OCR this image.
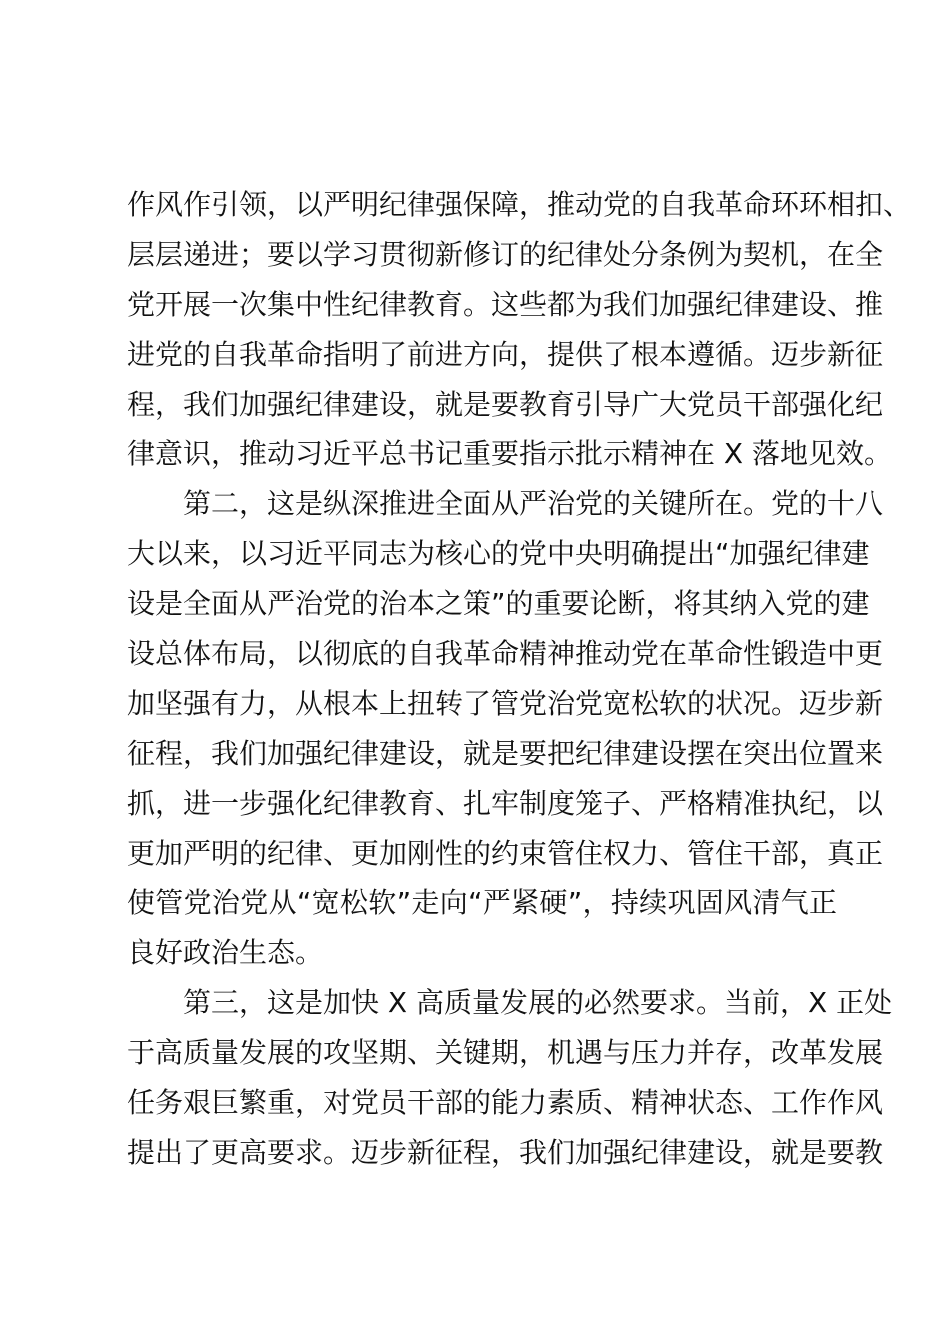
作风作引领，以严明纪律强保障，推动党的自我革命环环相扣、
层层递进；要以学习贯彻新修订的纪律处分条例为契机，在全
党开展一次集中性纪律教育。这些都为我们加强纪律建设、推
进党的自我革命指明了前进方向，提供了根本遵循。迈步新征
程，我们加强纪律建设，就是要教育引导广大党员干部强化纪
律意识，推动习近平总书记重要指示批示精神在 X 落地见效。
　　第二，这是纵深推进全面从严治党的关键所在。党的十八
大以来，以习近平同志为核心的党中央明确提出“加强纪律建
设是全面从严治党的治本之策”的重要论断，将其纳入党的建
设总体布局，以彻底的自我革命精神推动党在革命性锻造中更
加坚强有力，从根本上扭转了管党治党宽松软的状况。迈步新
征程，我们加强纪律建设，就是要把纪律建设摆在突出位置来
抓，进一步强化纪律教育、扎牢制度笼子、严格精准执纪，以
更加严明的纪律、更加刚性的约束管住权力、管住干部，真正
使管党治党从“宽松软”走向“严紧硬”，持续巩固风清气正
良好政治生态。
　　第三，这是加快 X 高质量发展的必然要求。当前，X 正处
于高质量发展的攻坚期、关键期，机遇与压力并存，改革发展
任务艰巨繁重，对党员干部的能力素质、精神状态、工作作风
提出了更高要求。迈步新征程，我们加强纪律建设，就是要教
